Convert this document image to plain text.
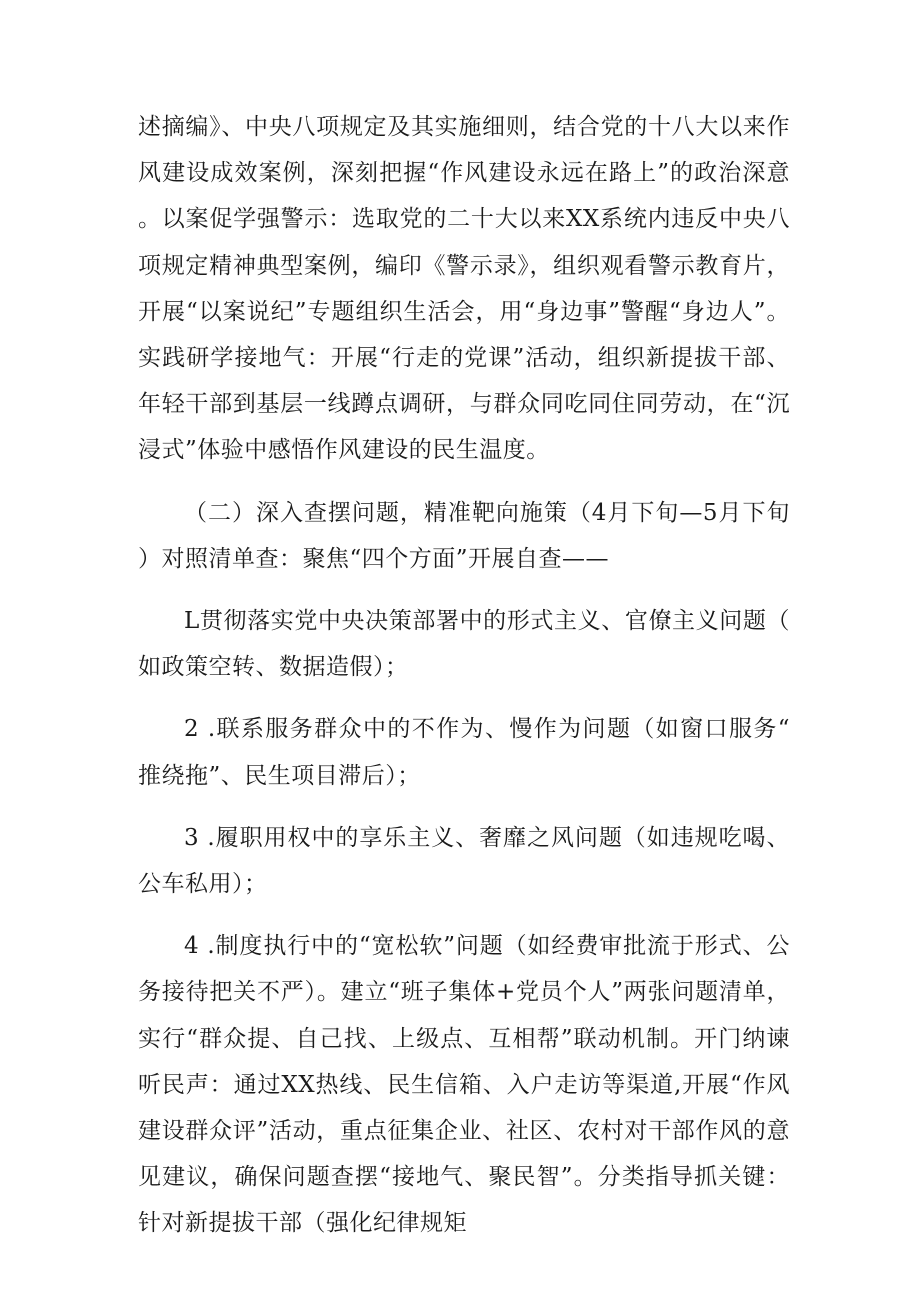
述摘编》、中央八项规定及其实施细则，结合党的十八大以来作风建设成效案例，深刻把握“作风建设永远在路上”的政治深意。以案促学强警示：选取党的二十大以来XX系统内违反中央八项规定精神典型案例，编印《警示录》，组织观看警示教育片，开展“以案说纪”专题组织生活会，用“身边事”警醒“身边人”。实践研学接地气：开展“行走的党课”活动，组织新提拔干部、年轻干部到基层一线蹲点调研，与群众同吃同住同劳动，在“沉浸式”体验中感悟作风建设的民生温度。

（二）深入查摆问题，精准靶向施策（4月下旬—5月下旬）对照清单查：聚焦“四个方面”开展自查——

L贯彻落实党中央决策部署中的形式主义、官僚主义问题（如政策空转、数据造假）；

2 .联系服务群众中的不作为、慢作为问题（如窗口服务“推绕拖”、民生项目滞后）；

3 .履职用权中的享乐主义、奢靡之风问题（如违规吃喝、公车私用）；

4 .制度执行中的“宽松软”问题（如经费审批流于形式、公务接待把关不严）。建立“班子集体+党员个人”两张问题清单，实行“群众提、自己找、上级点、互相帮”联动机制。开门纳谏听民声：通过XX热线、民生信箱、入户走访等渠道,开展“作风建设群众评”活动，重点征集企业、社区、农村对干部作风的意见建议，确保问题查摆“接地气、聚民智”。分类指导抓关键：针对新提拔干部（强化纪律规矩
